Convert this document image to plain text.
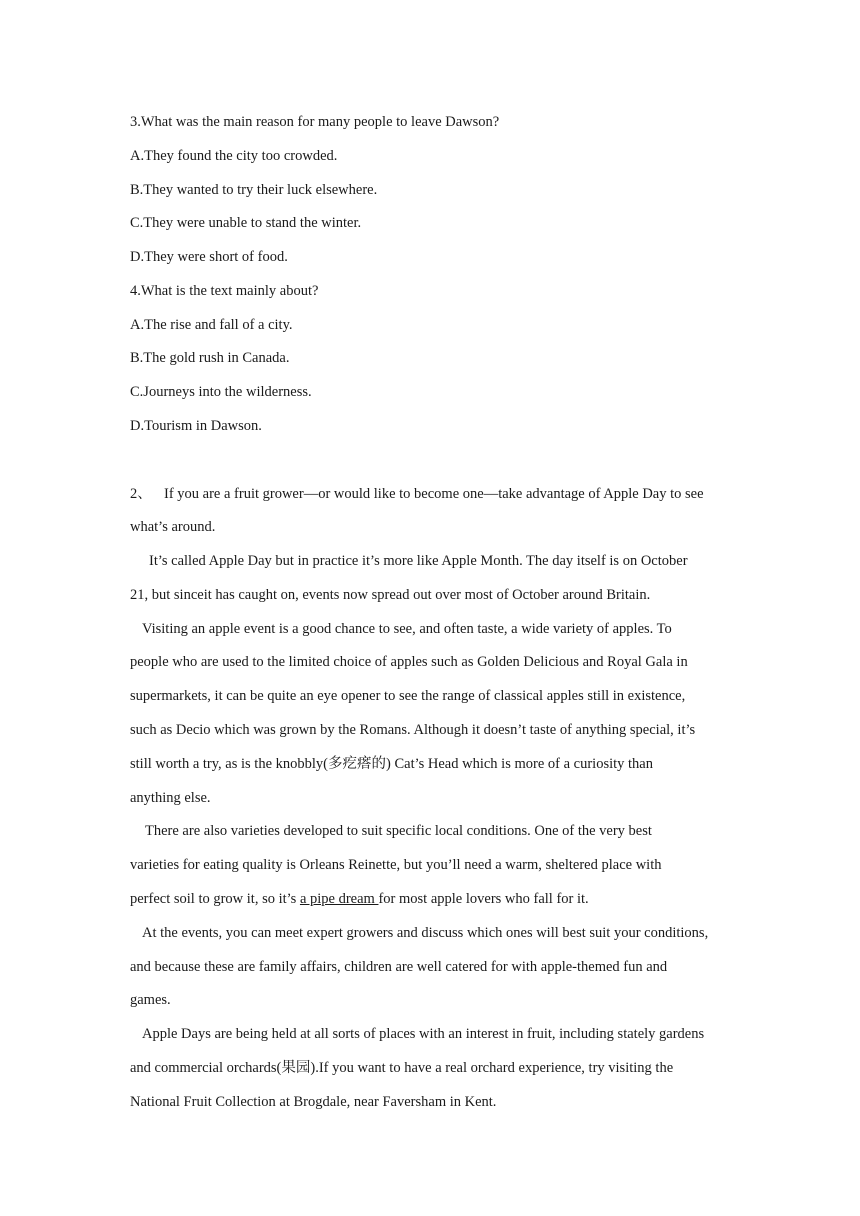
3.What was the main reason for many people to leave Dawson?
A.They found the city too crowded.
B.They wanted to try their luck elsewhere.
C.They were unable to stand the winter.
D.They were short of food.
4.What is the text mainly about?
A.The rise and fall of a city.
B.The gold rush in Canada.
C.Journeys into the wilderness.
D.Tourism in Dawson.
2、 If you are a fruit grower—or would like to become one—take advantage of Apple Day to see
what’s around.
It’s called Apple Day but in practice it’s more like Apple Month. The day itself is on October
21, but sinceit has caught on, events now spread out over most of October around Britain.
Visiting an apple event is a good chance to see, and often taste, a wide variety of apples. To
people who are used to the limited choice of apples such as Golden Delicious and Royal Gala in
supermarkets, it can be quite an eye opener to see the range of classical apples still in existence,
such as Decio which was grown by the Romans. Although it doesn’t taste of anything special, it’s
still worth a try, as is the knobbly(多疙瘩的) Cat’s Head which is more of a curiosity than
anything else.
There are also varieties developed to suit specific local conditions. One of the very best
varieties for eating quality is Orleans Reinette, but you’ll need a warm, sheltered place with
perfect soil to grow it, so it’s a pipe dream for most apple lovers who fall for it.
At the events, you can meet expert growers and discuss which ones will best suit your conditions,
and because these are family affairs, children are well catered for with apple-themed fun and
games.
Apple Days are being held at all sorts of places with an interest in fruit, including stately gardens
and commercial orchards(果园).If you want to have a real orchard experience, try visiting the
National Fruit Collection at Brogdale, near Faversham in Kent.
